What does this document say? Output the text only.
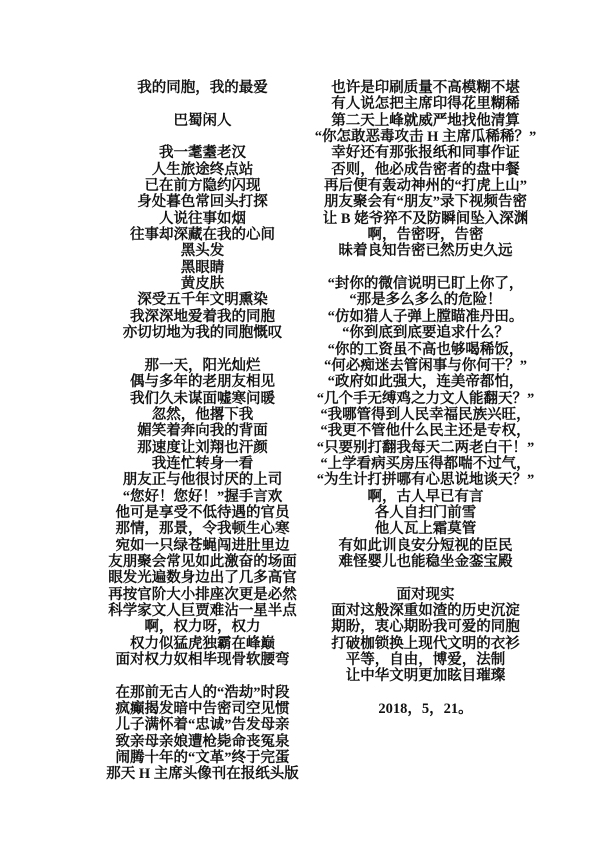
我的同胞，我的最爱
巴蜀闲人
我一耄耋老汉
人生旅途终点站
已在前方隐约闪现
身处暮色常回头打探
人说往事如烟
往事却深藏在我的心间
黑头发
黑眼睛
黄皮肤
深受五千年文明熏染
我深深地爱着我的同胞
亦切切地为我的同胞慨叹
那一天，阳光灿烂
偶与多年的老朋友相见
我们久未谋面嘘寒问暖
忽然，他撂下我
媚笑着奔向我的背面
那速度让刘翔也汗颜
我连忙转身一看
朋友正与他很讨厌的上司
“您好！您好！”握手言欢
他可是享受不低待遇的官员
那情，那景，令我顿生心寒
宛如一只绿苍蝇闯进肚里边
友朋聚会常见如此激奋的场面
眼发光遍数身边出了几多高官
再按官阶大小排座次更是必然
科学家文人巨贾难沾一星半点
啊，权力呀，权力
权力似猛虎独霸在峰巅
面对权力奴相毕现骨软腰弯
在那前无古人的“浩劫”时段
疯癫揭发暗中告密司空见惯
儿子满怀着“忠诚”告发母亲
致亲母亲娘遭枪毙命丧冤泉
闹腾十年的“文革”终于完蛋
那天 H 主席头像刊在报纸头版
也许是印刷质量不高模糊不堪
有人说怎把主席印得花里糊稀
第二天上峰就威严地找他清算
“你怎敢恶毒攻击 H 主席瓜稀稀？”
幸好还有那张报纸和同事作证
否则，他必成告密者的盘中餐
再后便有轰动神州的“打虎上山”
朋友聚会有“朋友”录下视频告密
让 B 姥爷猝不及防瞬间坠入深渊
啊，告密呀，告密
昧着良知告密已然历史久远
“封你的微信说明已盯上你了，
“那是多么多么的危险！
“仿如猎人子弹上膛瞄准丹田。
“你到底到底要追求什么？
“你的工资虽不高也够喝稀饭，
“何必痴迷去管闲事与你何干？”
“政府如此强大，连美帝都怕，
“几个手无缚鸡之力文人能翻天？”
“我哪管得到人民幸福民族兴旺，
“我更不管他什么民主还是专权，
“只要别打翻我每天二两老白干！”
“上学看病买房压得都喘不过气，
“为生计打拼哪有心思说地谈天？”
啊，古人早已有言
各人自扫门前雪
他人瓦上霜莫管
有如此训良安分短视的臣民
难怪婴儿也能稳坐金銮宝殿
面对现实
面对这般深重如渣的历史沉淀
期盼，衷心期盼我可爱的同胞
打破枷锁换上现代文明的衣衫
平等，自由，博爱，法制
让中华文明更加眩目璀璨
2018，5，21。
